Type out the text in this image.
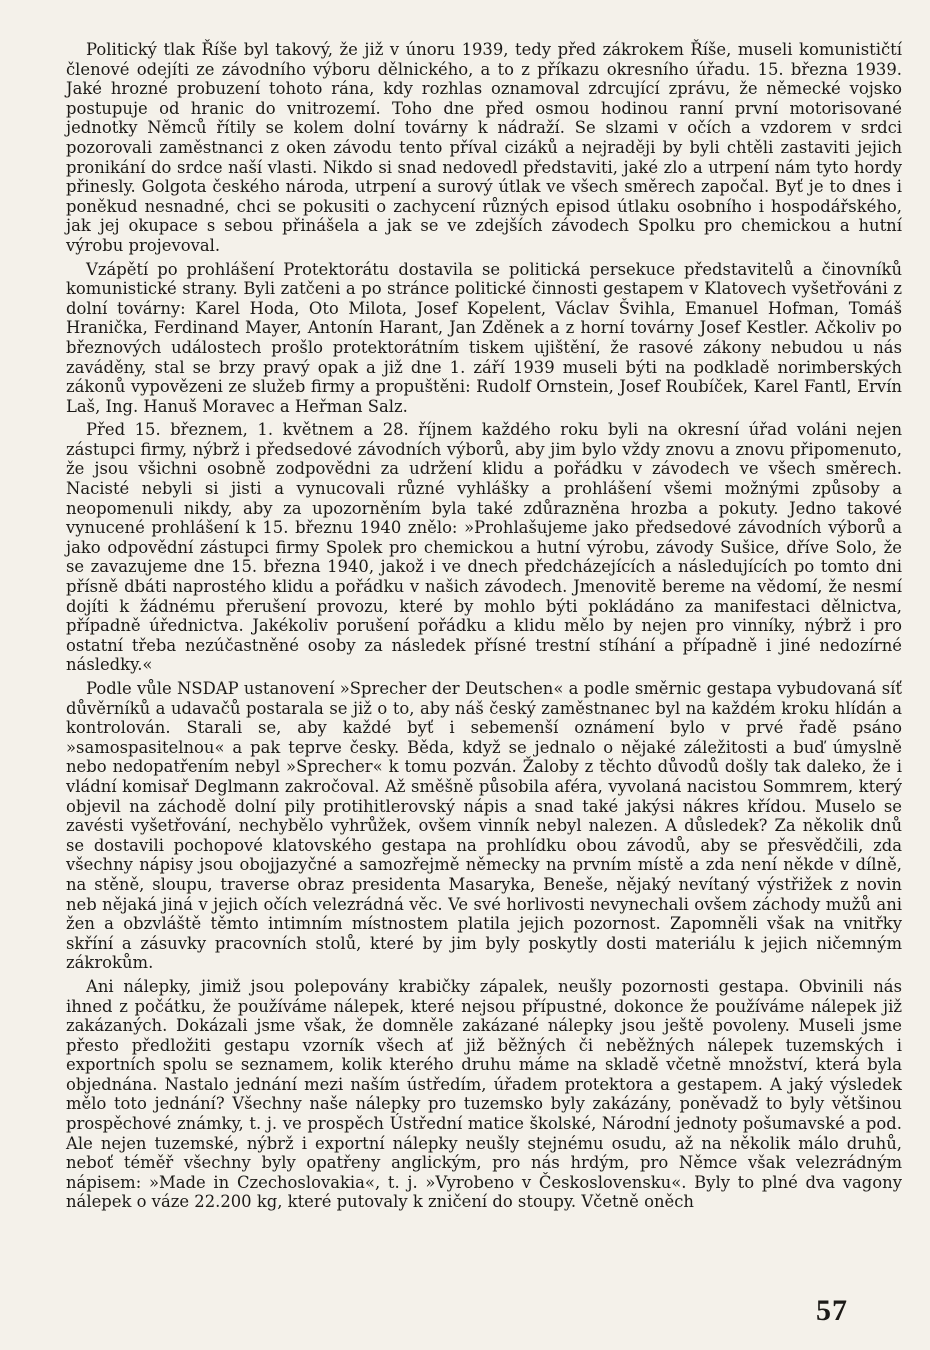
Politický tlak Říše byl takový, že již v únoru 1939, tedy před zákrokem Říše, museli komunističtí členové odejíti ze závodního výboru dělnického, a to z příkazu okresního úřadu. 15. března 1939. Jaké hrozné probuzení tohoto rána, kdy rozhlas oznamoval zdrcující zprávu, že německé vojsko postupuje od hranic do vnitrozemí. Toho dne před osmou hodinou ranní první motorisované jednotky Němců řítily se kolem dolní továrny k nádraží. Se slzami v očích a vzdorem v srdci pozorovali zaměstnanci z oken závodu tento příval cizáků a nejraději by byli chtěli zastaviti jejich pronikání do srdce naší vlasti. Nikdo si snad nedovedl představiti, jaké zlo a utrpení nám tyto hordy přinesly. Golgota českého národa, utrpení a surový útlak ve všech směrech započal. Byť je to dnes i poněkud nesnadné, chci se pokusiti o zachycení různých episod útlaku osobního i hospodářského, jak jej okupace s sebou přinášela a jak se ve zdejších závodech Spolku pro chemickou a hutní výrobu projevoval.

Vzápětí po prohlášení Protektorátu dostavila se politická persekuce představitelů a činovníků komunistické strany. Byli zatčeni a po stránce politické činnosti gestapem v Klatovech vyšetřováni z dolní továrny: Karel Hoda, Oto Milota, Josef Kopelent, Václav Švihla, Emanuel Hofman, Tomáš Hranička, Ferdinand Mayer, Antonín Harant, Jan Zděnek a z horní továrny Josef Kestler. Ačkoliv po březnových událostech prošlo protektorátním tiskem ujištění, že rasové zákony nebudou u nás zaváděny, stal se brzy pravý opak a již dne 1. září 1939 museli býti na podkladě norimberských zákonů vypovězeni ze služeb firmy a propuštěni: Rudolf Ornstein, Josef Roubíček, Karel Fantl, Ervín Laš, Ing. Hanuš Moravec a Heřman Salz.

Před 15. březnem, 1. květnem a 28. říjnem každého roku byli na okresní úřad voláni nejen zástupci firmy, nýbrž i předsedové závodních výborů, aby jim bylo vždy znovu a znovu připomenuto, že jsou všichni osobně zodpovědni za udržení klidu a pořádku v závodech ve všech směrech. Nacisté nebyli si jisti a vynucovali různé vyhlášky a prohlášení všemi možnými způsoby a neopomenuli nikdy, aby za upozorněním byla také zdůrazněna hrozba a pokuty. Jedno takové vynucené prohlášení k 15. březnu 1940 znělo: »Prohlašujeme jako předsedové závodních výborů a jako odpovědní zástupci firmy Spolek pro chemickou a hutní výrobu, závody Sušice, dříve Solo, že se zavazujeme dne 15. března 1940, jakož i ve dnech předcházejících a následujících po tomto dni přísně dbáti naprostého klidu a pořádku v našich závodech. Jmenovitě bereme na vědomí, že nesmí dojíti k žádnému přerušení provozu, které by mohlo býti pokládáno za manifestaci dělnictva, případně úřednictva. Jakékoliv porušení pořádku a klidu mělo by nejen pro vinníky, nýbrž i pro ostatní třeba nezúčastněné osoby za následek přísné trestní stíhání a případně i jiné nedozírné následky.«

Podle vůle NSDAP ustanovení »Sprecher der Deutschen« a podle směrnic gestapa vybudovaná síť důvěrníků a udavačů postarala se již o to, aby náš český zaměstnanec byl na každém kroku hlídán a kontrolován. Starali se, aby každé byť i sebemenší oznámení bylo v prvé řadě psáno »samospasitelnou« a pak teprve česky. Běda, když se jednalo o nějaké záležitosti a buď úmyslně nebo nedopatřením nebyl »Sprecher« k tomu pozván. Žaloby z těchto důvodů došly tak daleko, že i vládní komisař Deglmann zakročoval. Až směšně působila aféra, vyvolaná nacistou Sommrem, který objevil na záchodě dolní pily protihitlerovský nápis a snad také jakýsi nákres křídou. Muselo se zavésti vyšetřování, nechybělo vyhrůžek, ovšem vinník nebyl nalezen. A důsledek? Za několik dnů se dostavili pochopové klatovského gestapa na prohlídku obou závodů, aby se přesvědčili, zda všechny nápisy jsou obojjazyčné a samozřejmě německy na prvním místě a zda není někde v dílně, na stěně, sloupu, traverse obraz presidenta Masaryka, Beneše, nějaký nevítaný výstřižek z novin neb nějaká jiná v jejich očích velezrádná věc. Ve své horlivosti nevynechali ovšem záchody mužů ani žen a obzvláště těmto intimním místnostem platila jejich pozornost. Zapomněli však na vnitřky skříní a zásuvky pracovních stolů, které by jim byly poskytly dosti materiálu k jejich ničemným zákrokům.

Ani nálepky, jimiž jsou polepovány krabičky zápalek, neušly pozornosti gestapa. Obvinili nás ihned z počátku, že používáme nálepek, které nejsou přípustné, dokonce že používáme nálepek již zakázaných. Dokázali jsme však, že domněle zakázané nálepky jsou ještě povoleny. Museli jsme přesto předložiti gestapu vzorník všech ať již běžných či neběžných nálepek tuzemských i exportních spolu se seznamem, kolik kterého druhu máme na skladě včetně množství, která byla objednána. Nastalo jednání mezi naším ústředím, úřadem protektora a gestapem. A jaký výsledek mělo toto jednání? Všechny naše nálepky pro tuzemsko byly zakázány, poněvadž to byly většinou prospěchové známky, t. j. ve prospěch Ústřední matice školské, Národní jednoty pošumavské a pod. Ale nejen tuzemské, nýbrž i exportní nálepky neušly stejnému osudu, až na několik málo druhů, neboť téměř všechny byly opatřeny anglickým, pro nás hrdým, pro Němce však velezrádným nápisem: »Made in Czechoslovakia«, t. j. »Vyrobeno v Československu«. Byly to plné dva vagony nálepek o váze 22.200 kg, které putovaly k zničení do stoupy. Včetně oněch

57
